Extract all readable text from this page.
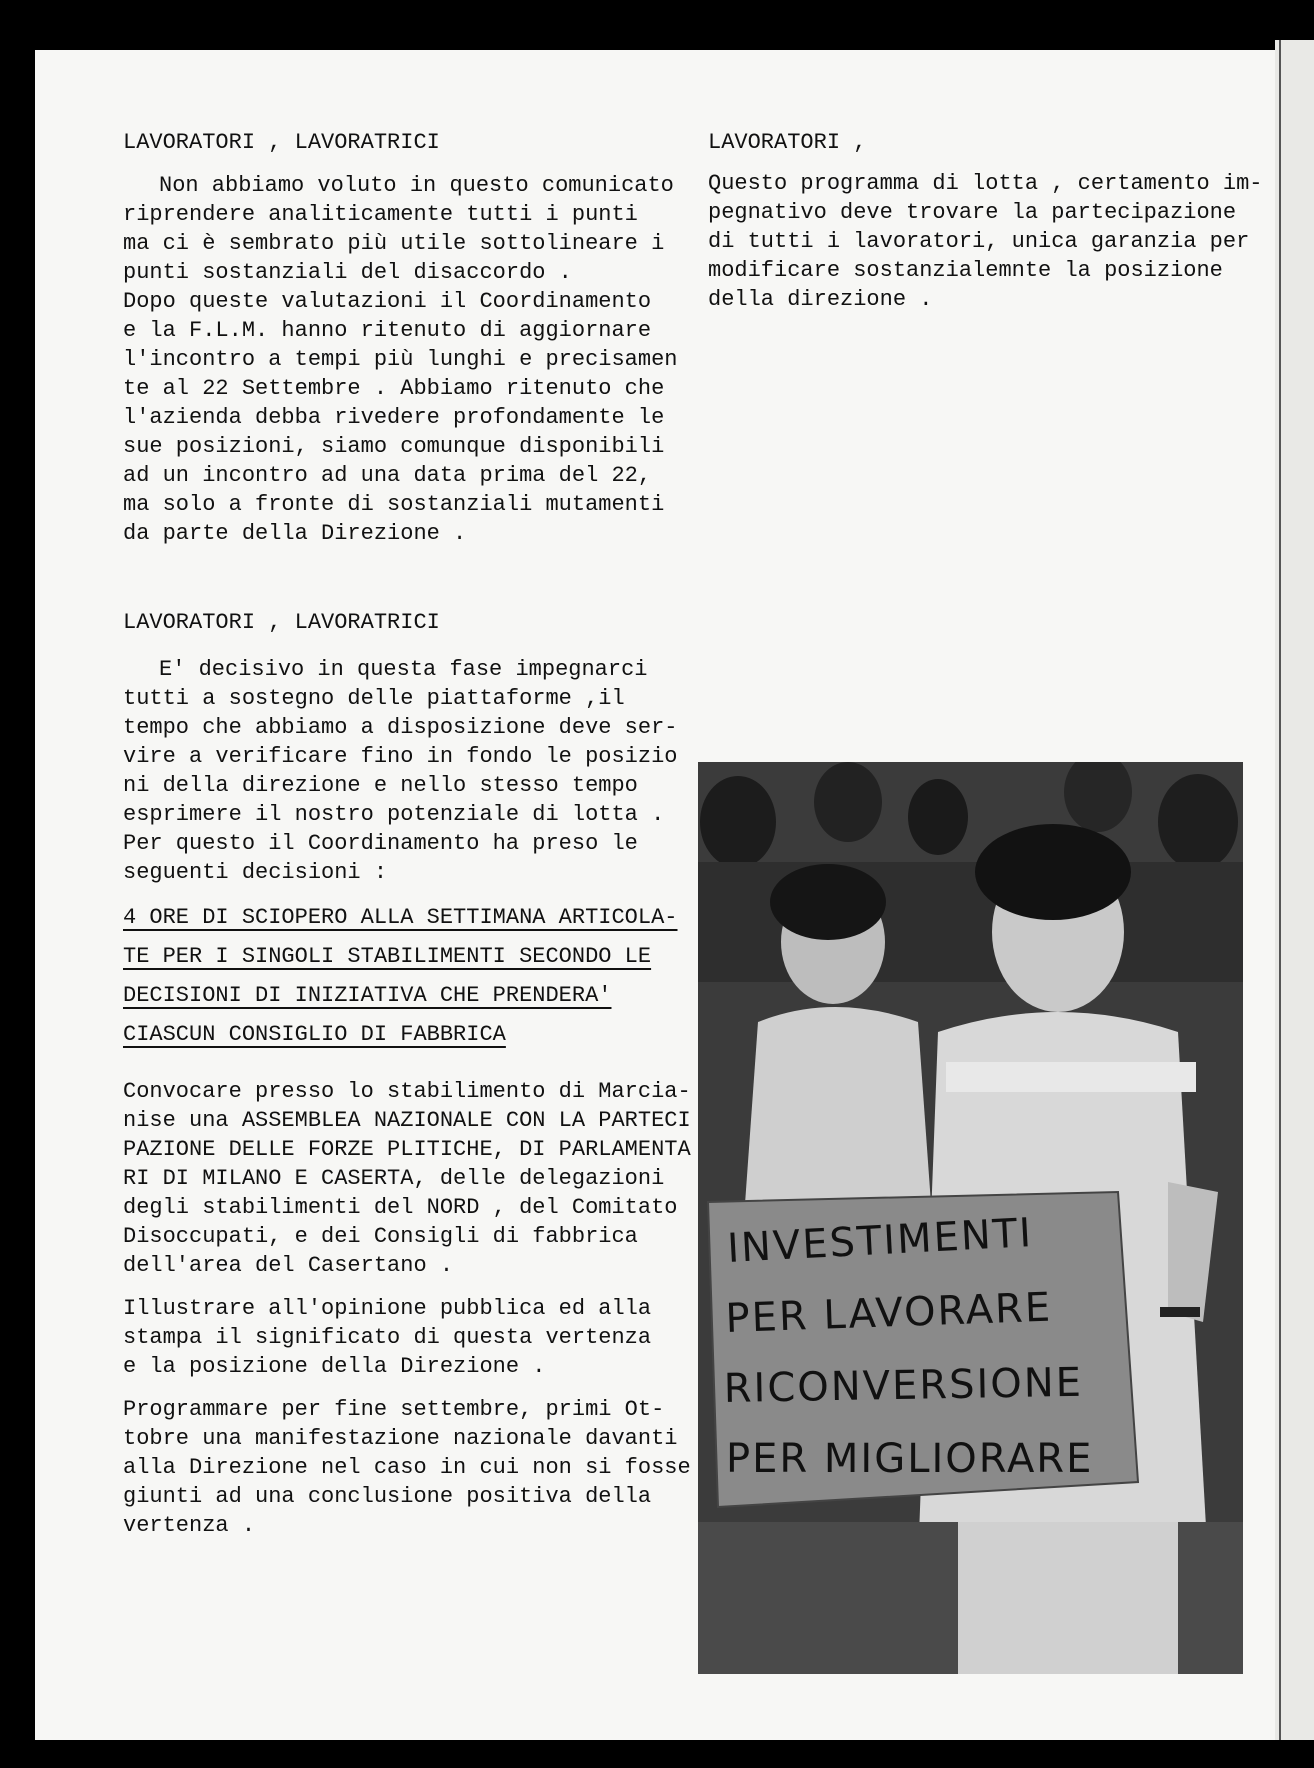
LAVORATORI , LAVORATRICI

Non abbiamo voluto in questo comunicato

riprendere analiticamente tutti i punti

ma ci è sembrato più utile sottolineare i

punti sostanziali del disaccordo .

Dopo queste valutazioni il Coordinamento

e la F.L.M. hanno ritenuto di aggiornare

l'incontro a tempi più lunghi e precisamen

te al 22 Settembre . Abbiamo ritenuto che

l'azienda debba rivedere profondamente le

sue posizioni, siamo comunque disponibili

ad un incontro ad una data prima del 22,

ma solo a fronte di sostanziali mutamenti

da parte della Direzione .

LAVORATORI , LAVORATRICI

E' decisivo in questa fase impegnarci

tutti a sostegno delle piattaforme ,il

tempo che abbiamo a disposizione deve ser-

vire a verificare fino in fondo le posizio

ni della direzione e nello stesso tempo

esprimere il nostro potenziale di lotta .

Per questo il Coordinamento ha preso le

seguenti decisioni :

4 ORE DI SCIOPERO ALLA SETTIMANA ARTICOLA-

TE PER I SINGOLI STABILIMENTI SECONDO LE

DECISIONI DI INIZIATIVA CHE PRENDERA'

CIASCUN CONSIGLIO DI FABBRICA

Convocare presso lo stabilimento di Marcia-

nise una ASSEMBLEA NAZIONALE CON LA PARTECI

PAZIONE DELLE FORZE PLITICHE, DI PARLAMENTA

RI DI MILANO E CASERTA, delle delegazioni

degli stabilimenti del NORD , del Comitato

Disoccupati, e dei Consigli di fabbrica

dell'area del Casertano .

Illustrare all'opinione pubblica ed alla

stampa il significato di questa vertenza

e la posizione della Direzione .

Programmare per fine settembre, primi Ot-

tobre una manifestazione nazionale davanti

alla Direzione nel caso in cui non si fosse

giunti ad una conclusione positiva della

vertenza .

LAVORATORI ,

Questo programma di lotta , certamento im-

pegnativo deve trovare la partecipazione

di tutti i lavoratori, unica garanzia per

modificare sostanzialemnte la posizione

della direzione .

INVESTIMENTI
PER LAVORARE
RICONVERSIONE
PER MIGLIORARE
